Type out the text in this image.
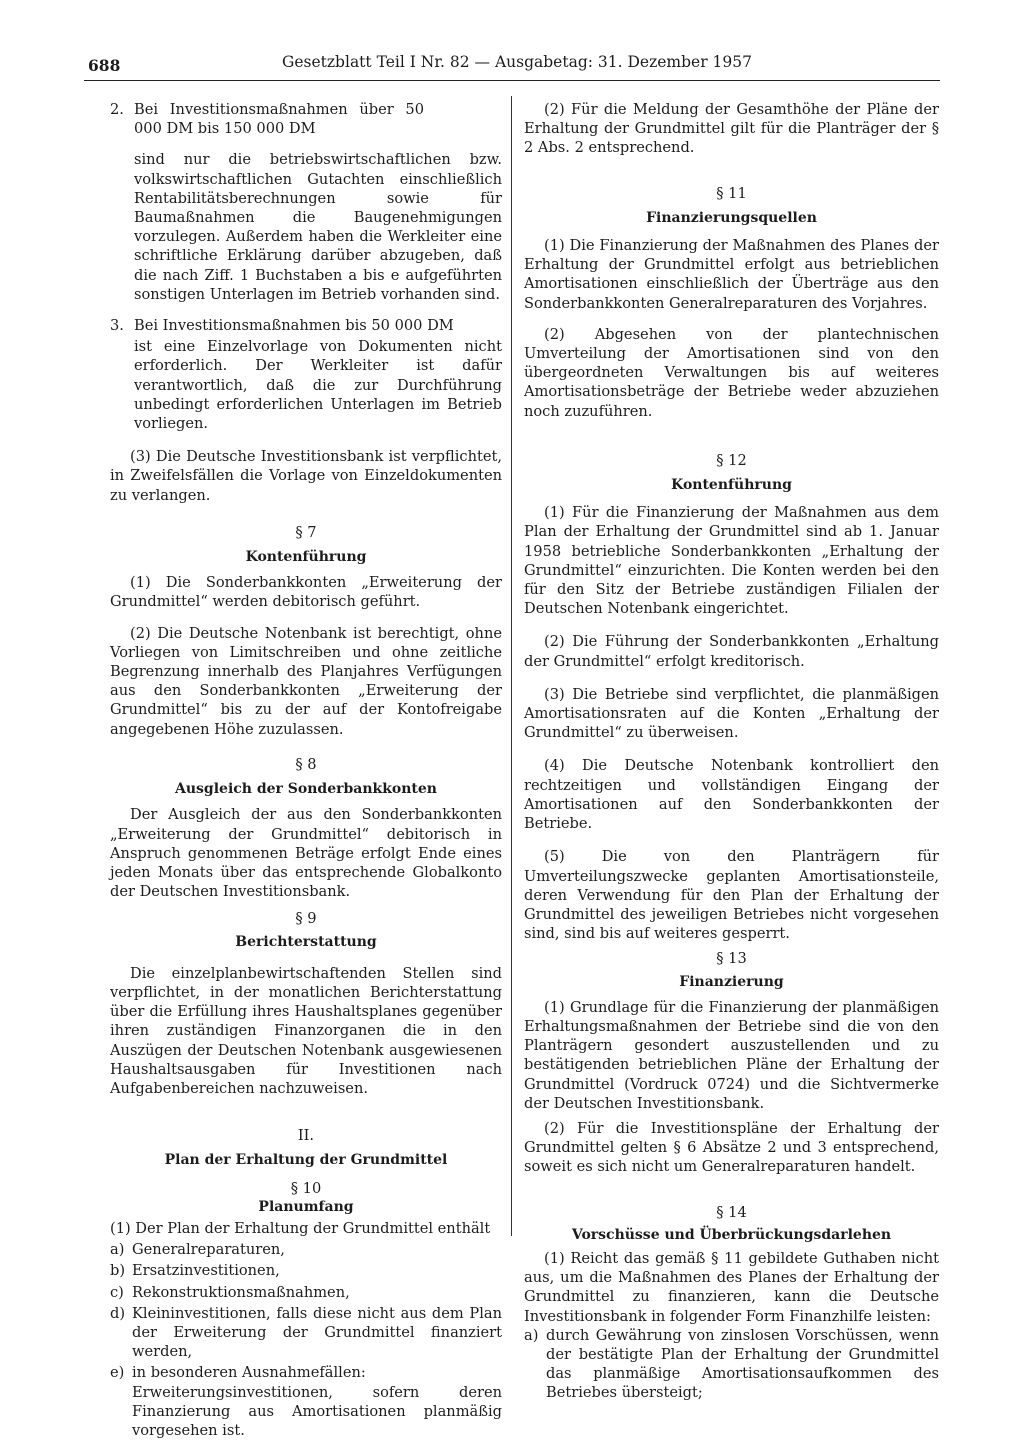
688	Gesetzblatt Teil I Nr. 82 — Ausgabetag: 31. Dezember 1957
2. Bei Investitionsmaßnahmen über 50 000 DM bis 150 000 DM

sind nur die betriebswirtschaftlichen bzw. volkswirtschaftlichen Gutachten einschließlich Rentabilitätsberechnungen sowie für Baumaßnahmen die Baugenehmigungen vorzulegen. Außerdem haben die Werkleiter eine schriftliche Erklärung darüber abzugeben, daß die nach Ziff. 1 Buchstaben a bis e aufgeführten sonstigen Unterlagen im Betrieb vorhanden sind.

3. Bei Investitionsmaßnahmen bis 50 000 DM

ist eine Einzelvorlage von Dokumenten nicht erforderlich. Der Werkleiter ist dafür verantwortlich, daß die zur Durchführung unbedingt erforderlichen Unterlagen im Betrieb vorliegen.

(3) Die Deutsche Investitionsbank ist verpflichtet, in Zweifelsfällen die Vorlage von Einzeldokumenten zu verlangen.

§ 7

Kontenführung

(1) Die Sonderbankkonten „Erweiterung der Grundmittel“ werden debitorisch geführt.

(2) Die Deutsche Notenbank ist berechtigt, ohne Vorliegen von Limitschreiben und ohne zeitliche Begrenzung innerhalb des Planjahres Verfügungen aus den Sonderbankkonten „Erweiterung der Grundmittel“ bis zu der auf der Kontofreigabe angegebenen Höhe zuzulassen.

§ 8

Ausgleich der Sonderbankkonten

Der Ausgleich der aus den Sonderbankkonten „Erweiterung der Grundmittel“ debitorisch in Anspruch genommenen Beträge erfolgt Ende eines jeden Monats über das entsprechende Globalkonto der Deutschen Investitionsbank.

§ 9

Berichterstattung

Die einzelplanbewirtschaftenden Stellen sind verpflichtet, in der monatlichen Berichterstattung über die Erfüllung ihres Haushaltsplanes gegenüber ihren zuständigen Finanzorganen die in den Auszügen der Deutschen Notenbank ausgewiesenen Haushaltsausgaben für Investitionen nach Aufgabenbereichen nachzuweisen.

II.

Plan der Erhaltung der Grundmittel

§ 10

Planumfang

(1) Der Plan der Erhaltung der Grundmittel enthält

a) Generalreparaturen,
b) Ersatzinvestitionen,
c) Rekonstruktionsmaßnahmen,
d) Kleininvestitionen, falls diese nicht aus dem Plan der Erweiterung der Grundmittel finanziert werden,
e) in besonderen Ausnahmefällen:

Erweiterungsinvestitionen, sofern deren Finanzierung aus Amortisationen planmäßig vorgesehen ist.

(2) Für die Meldung der Gesamthöhe der Pläne der Erhaltung der Grundmittel gilt für die Planträger der § 2 Abs. 2 entsprechend.

§ 11

Finanzierungsquellen

(1) Die Finanzierung der Maßnahmen des Planes der Erhaltung der Grundmittel erfolgt aus betrieblichen Amortisationen einschließlich der Überträge aus den Sonderbankkonten Generalreparaturen des Vorjahres.

(2) Abgesehen von der plantechnischen Umverteilung der Amortisationen sind von den übergeordneten Verwaltungen bis auf weiteres Amortisationsbeträge der Betriebe weder abzuziehen noch zuzuführen.

§ 12

Kontenführung

(1) Für die Finanzierung der Maßnahmen aus dem Plan der Erhaltung der Grundmittel sind ab 1. Januar 1958 betriebliche Sonderbankkonten „Erhaltung der Grundmittel“ einzurichten. Die Konten werden bei den für den Sitz der Betriebe zuständigen Filialen der Deutschen Notenbank eingerichtet.

(2) Die Führung der Sonderbankkonten „Erhaltung der Grundmittel“ erfolgt kreditorisch.

(3) Die Betriebe sind verpflichtet, die planmäßigen Amortisationsraten auf die Konten „Erhaltung der Grundmittel“ zu überweisen.

(4) Die Deutsche Notenbank kontrolliert den rechtzeitigen und vollständigen Eingang der Amortisationen auf den Sonderbankkonten der Betriebe.

(5) Die von den Planträgern für Umverteilungszwecke geplanten Amortisationsteile, deren Verwendung für den Plan der Erhaltung der Grundmittel des jeweiligen Betriebes nicht vorgesehen sind, sind bis auf weiteres gesperrt.

§ 13

Finanzierung

(1) Grundlage für die Finanzierung der planmäßigen Erhaltungsmaßnahmen der Betriebe sind die von den Planträgern gesondert auszustellenden und zu bestätigenden betrieblichen Pläne der Erhaltung der Grundmittel (Vordruck 0724) und die Sichtvermerke der Deutschen Investitionsbank.

(2) Für die Investitionspläne der Erhaltung der Grundmittel gelten § 6 Absätze 2 und 3 entsprechend, soweit es sich nicht um Generalreparaturen handelt.

§ 14

Vorschüsse und Überbrückungsdarlehen

(1) Reicht das gemäß § 11 gebildete Guthaben nicht aus, um die Maßnahmen des Planes der Erhaltung der Grundmittel zu finanzieren, kann die Deutsche Investitionsbank in folgender Form Finanzhilfe leisten:

a) durch Gewährung von zinslosen Vorschüssen, wenn der bestätigte Plan der Erhaltung der Grundmittel das planmäßige Amortisationsaufkommen des Betriebes übersteigt;
